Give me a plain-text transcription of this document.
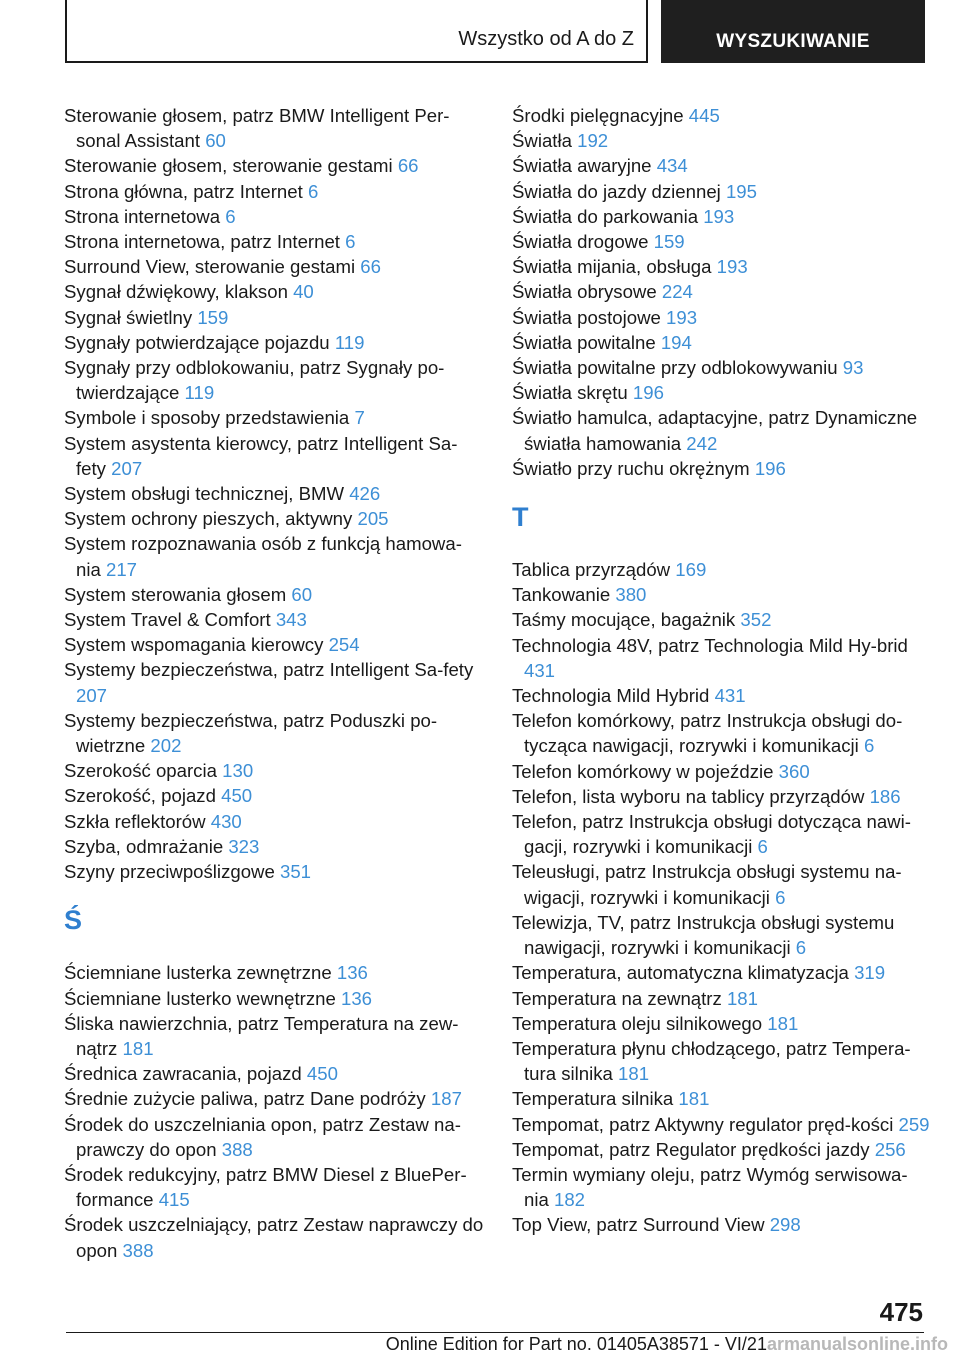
Wszystko od A do Z	WYSZUKIWANIE
Sterowanie głosem, patrz BMW Intelligent Per‐sonal Assistant 60
Sterowanie głosem, sterowanie gestami 66
Strona główna, patrz Internet 6
Strona internetowa 6
Strona internetowa, patrz Internet 6
Surround View, sterowanie gestami 66
Sygnał dźwiękowy, klakson 40
Sygnał świetlny 159
Sygnały potwierdzające pojazdu 119
Sygnały przy odblokowaniu, patrz Sygnały po‐twierdzające 119
Symbole i sposoby przedstawienia 7
System asystenta kierowcy, patrz Intelligent Sa‐fety 207
System obsługi technicznej, BMW 426
System ochrony pieszych, aktywny 205
System rozpoznawania osób z funkcją hamowa‐nia 217
System sterowania głosem 60
System Travel & Comfort 343
System wspomagania kierowcy 254
Systemy bezpieczeństwa, patrz Intelligent Sa‐fety 207
Systemy bezpieczeństwa, patrz Poduszki po‐wietrzne 202
Szerokość oparcia 130
Szerokość, pojazd 450
Szkła reflektorów 430
Szyba, odmrażanie 323
Szyny przeciwpoślizgowe 351
Ś
Ściemniane lusterka zewnętrzne 136
Ściemniane lusterko wewnętrzne 136
Śliska nawierzchnia, patrz Temperatura na zew‐nątrz 181
Średnica zawracania, pojazd 450
Średnie zużycie paliwa, patrz Dane podróży 187
Środek do uszczelniania opon, patrz Zestaw na‐prawczy do opon 388
Środek redukcyjny, patrz BMW Diesel z BluePer‐formance 415
Środek uszczelniający, patrz Zestaw naprawczy do opon 388
Środki pielęgnacyjne 445
Światła 192
Światła awaryjne 434
Światła do jazdy dziennej 195
Światła do parkowania 193
Światła drogowe 159
Światła mijania, obsługa 193
Światła obrysowe 224
Światła postojowe 193
Światła powitalne 194
Światła powitalne przy odblokowywaniu 93
Światła skrętu 196
Światło hamulca, adaptacyjne, patrz Dynamiczne światła hamowania 242
Światło przy ruchu okrężnym 196
T
Tablica przyrządów 169
Tankowanie 380
Taśmy mocujące, bagażnik 352
Technologia 48V, patrz Technologia Mild Hy‐brid 431
Technologia Mild Hybrid 431
Telefon komórkowy, patrz Instrukcja obsługi do‐tycząca nawigacji, rozrywki i komunikacji 6
Telefon komórkowy w pojeździe 360
Telefon, lista wyboru na tablicy przyrządów 186
Telefon, patrz Instrukcja obsługi dotycząca nawi‐gacji, rozrywki i komunikacji 6
Teleusługi, patrz Instrukcja obsługi systemu na‐wigacji, rozrywki i komunikacji 6
Telewizja, TV, patrz Instrukcja obsługi systemu nawigacji, rozrywki i komunikacji 6
Temperatura, automatyczna klimatyzacja 319
Temperatura na zewnątrz 181
Temperatura oleju silnikowego 181
Temperatura płynu chłodzącego, patrz Tempera‐tura silnika 181
Temperatura silnika 181
Tempomat, patrz Aktywny regulator pręd‐kości 259
Tempomat, patrz Regulator prędkości jazdy 256
Termin wymiany oleju, patrz Wymóg serwisowa‐nia 182
Top View, patrz Surround View 298
475
Online Edition for Part no. 01405A38571 - VI/21armanualsonline.info
